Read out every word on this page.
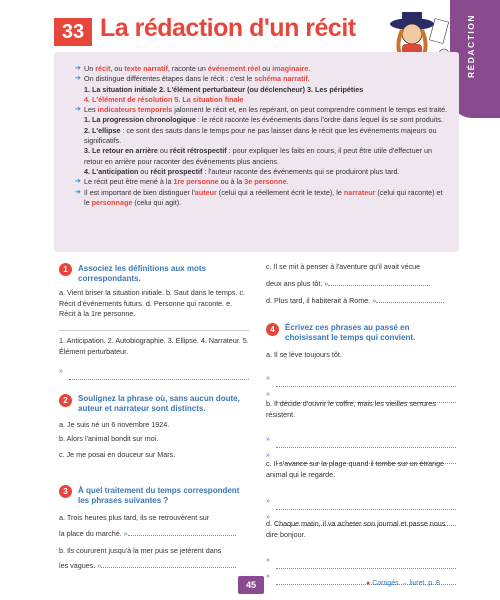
RÉDACTION
33 La rédaction d'un récit

➔ Un récit, ou texte narratif, raconte un événement réel ou imaginaire.

➔ On distingue différentes étapes dans le récit : c'est le schéma narratif.

1. La situation initiale 2. L'élément perturbateur (ou déclencheur) 3. Les péripéties

4. L'élément de résolution 5. La situation finale

➔ Les indicateurs temporels jalonnent le récit et, en les repérant, on peut comprendre comment le temps est traité.

1. La progression chronologique : le récit raconte les événements dans l'ordre dans lequel ils se sont produits.

2. L'ellipse : ce sont des sauts dans le temps pour ne pas laisser dans le récit que les événements majeurs ou significatifs.

3. Le retour en arrière ou récit rétrospectif : pour expliquer les faits en cours, il peut être utile d'effectuer un retour en arrière pour raconter des événements plus anciens.

4. L'anticipation ou récit prospectif : l'auteur raconte des événements qui se produiront plus tard.

➔ Le récit peut être mené à la 1re personne ou à la 3e personne.

➔ Il est important de bien distinguer l'auteur (celui qui a réellement écrit le texte), le narrateur (celui qui raconte) et le personnage (celui qui agit).

1	Associez les définitions aux mots correspondants.
a. Vient briser la situation initiale. b. Saut dans le temps. c. Récit d'événements futurs. d. Personne qui raconte. e. Récit à la 1re personne.
1. Anticipation. 2. Autobiographie. 3. Ellipse. 4. Narrateur. 5. Élément perturbateur.
»
2	Soulignez la phrase où, sans aucun doute, auteur et narrateur sont distincts.
a. Je suis né un 6 novembre 1924.
b. Alors l'animal bondit sur moi.
c. Je me posai en douceur sur Mars.
3	À quel traitement du temps correspondent les phrases suivantes ?
a. Trois heures plus tard, ils se retrouvèrent sur
la place du marché. »
b. Ils coururent jusqu'à la mer puis se jetèrent dans
les vagues. »
c. Il se mit à penser à l'aventure qu'il avait vécue
deux ans plus tôt. »
d. Plus tard, il habiterait à Rome. »
4	Écrivez ces phrases au passé en choisissant le temps qui convient.
a. Il se lève toujours tôt.
»
»
b. Il décide d'ouvrir le coffre, mais les vieilles serrures résistent.
»
»
c. Il s'avance sur la plage quand il tombe sur un étrange animal qui le regarde.
»
»
d. Chaque matin, il va acheter son journal et passe nous dire bonjour.
»
»
45	● Corrigés → livret, p. 8
